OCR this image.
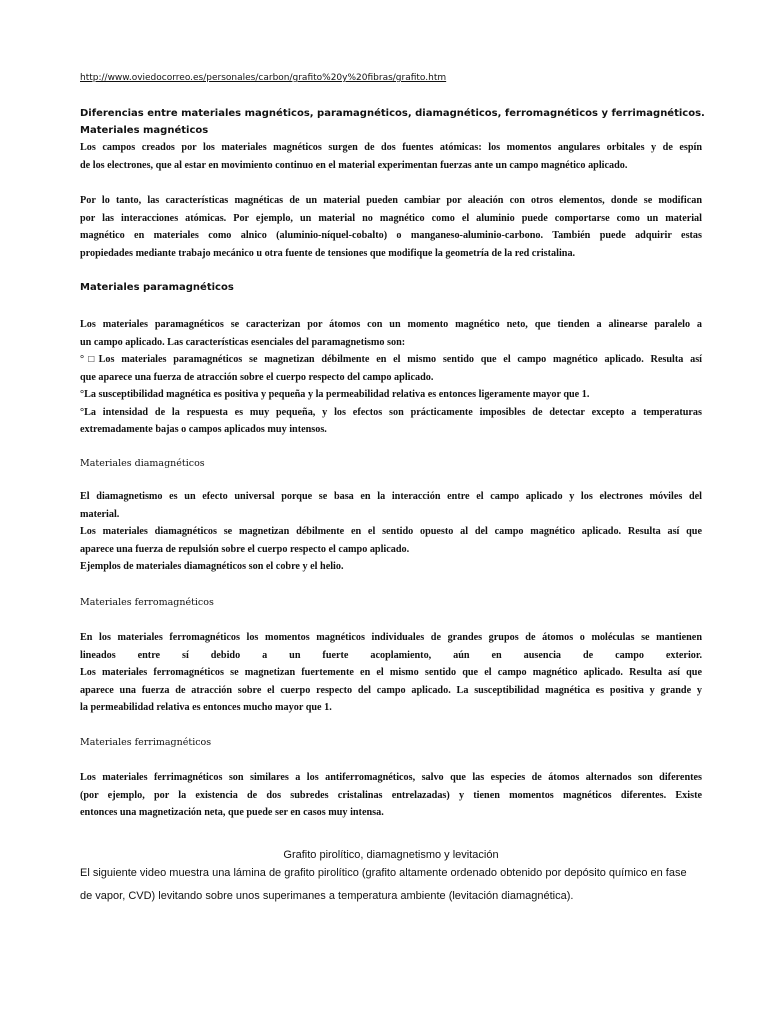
http://www.oviedocorreo.es/personales/carbon/grafito%20y%20fibras/grafito.htm
Diferencias entre materiales magnéticos, paramagnéticos, diamagnéticos, ferromagnéticos y ferrimagnéticos.
Materiales magnéticos
Los campos creados por los materiales magnéticos surgen de dos fuentes atómicas: los momentos angulares orbitales y de espín
de los electrones, que al estar en movimiento continuo en el material experimentan fuerzas ante un campo magnético aplicado.
Por lo tanto, las características magnéticas de un material pueden cambiar por aleación con otros elementos, donde se modifican
por las interacciones atómicas. Por ejemplo, un material no magnético como el aluminio puede comportarse como un material
magnético en materiales como alnico (aluminio-níquel-cobalto) o manganeso-aluminio-carbono. También puede adquirir estas
propiedades mediante trabajo mecánico u otra fuente de tensiones que modifique la geometría de la red cristalina.
Materiales paramagnéticos
Los materiales paramagnéticos se caracterizan por átomos con un momento magnético neto, que tienden a alinearse paralelo a
un campo aplicado. Las características esenciales del paramagnetismo son:
°□Los materiales paramagnéticos se magnetizan débilmente en el mismo sentido que el campo magnético aplicado. Resulta así
que aparece una fuerza de atracción sobre el cuerpo respecto del campo aplicado.
°La susceptibilidad magnética es positiva y pequeña y la permeabilidad relativa es entonces ligeramente mayor que 1.
°La intensidad de la respuesta es muy pequeña, y los efectos son prácticamente imposibles de detectar excepto a temperaturas
extremadamente bajas o campos aplicados muy intensos.
Materiales diamagnéticos
El diamagnetismo es un efecto universal porque se basa en la interacción entre el campo aplicado y los electrones móviles del
material.
Los materiales diamagnéticos se magnetizan débilmente en el sentido opuesto al del campo magnético aplicado. Resulta así que
aparece una fuerza de repulsión sobre el cuerpo respecto el campo aplicado.
Ejemplos de materiales diamagnéticos son el cobre y el helio.
Materiales ferromagnéticos
En los materiales ferromagnéticos los momentos magnéticos individuales de grandes grupos de átomos o moléculas se mantienen
lineados entre sí debido a un fuerte acoplamiento, aún en ausencia de campo exterior.
Los materiales ferromagnéticos se magnetizan fuertemente en el mismo sentido que el campo magnético aplicado. Resulta así que
aparece una fuerza de atracción sobre el cuerpo respecto del campo aplicado. La susceptibilidad magnética es positiva y grande y
la permeabilidad relativa es entonces mucho mayor que 1.
Materiales ferrimagnéticos
Los materiales ferrimagnéticos son similares a los antiferromagnéticos, salvo que las especies de átomos alternados son diferentes
(por ejemplo, por la existencia de dos subredes cristalinas entrelazadas) y tienen momentos magnéticos diferentes. Existe
entonces una magnetización neta, que puede ser en casos muy intensa.
Grafito pirolítico, diamagnetismo y levitación
El siguiente video muestra una lámina de grafito pirolítico (grafito altamente ordenado obtenido por depósito químico en fase
de vapor, CVD) levitando sobre unos superimanes a temperatura ambiente (levitación diamagnética).
